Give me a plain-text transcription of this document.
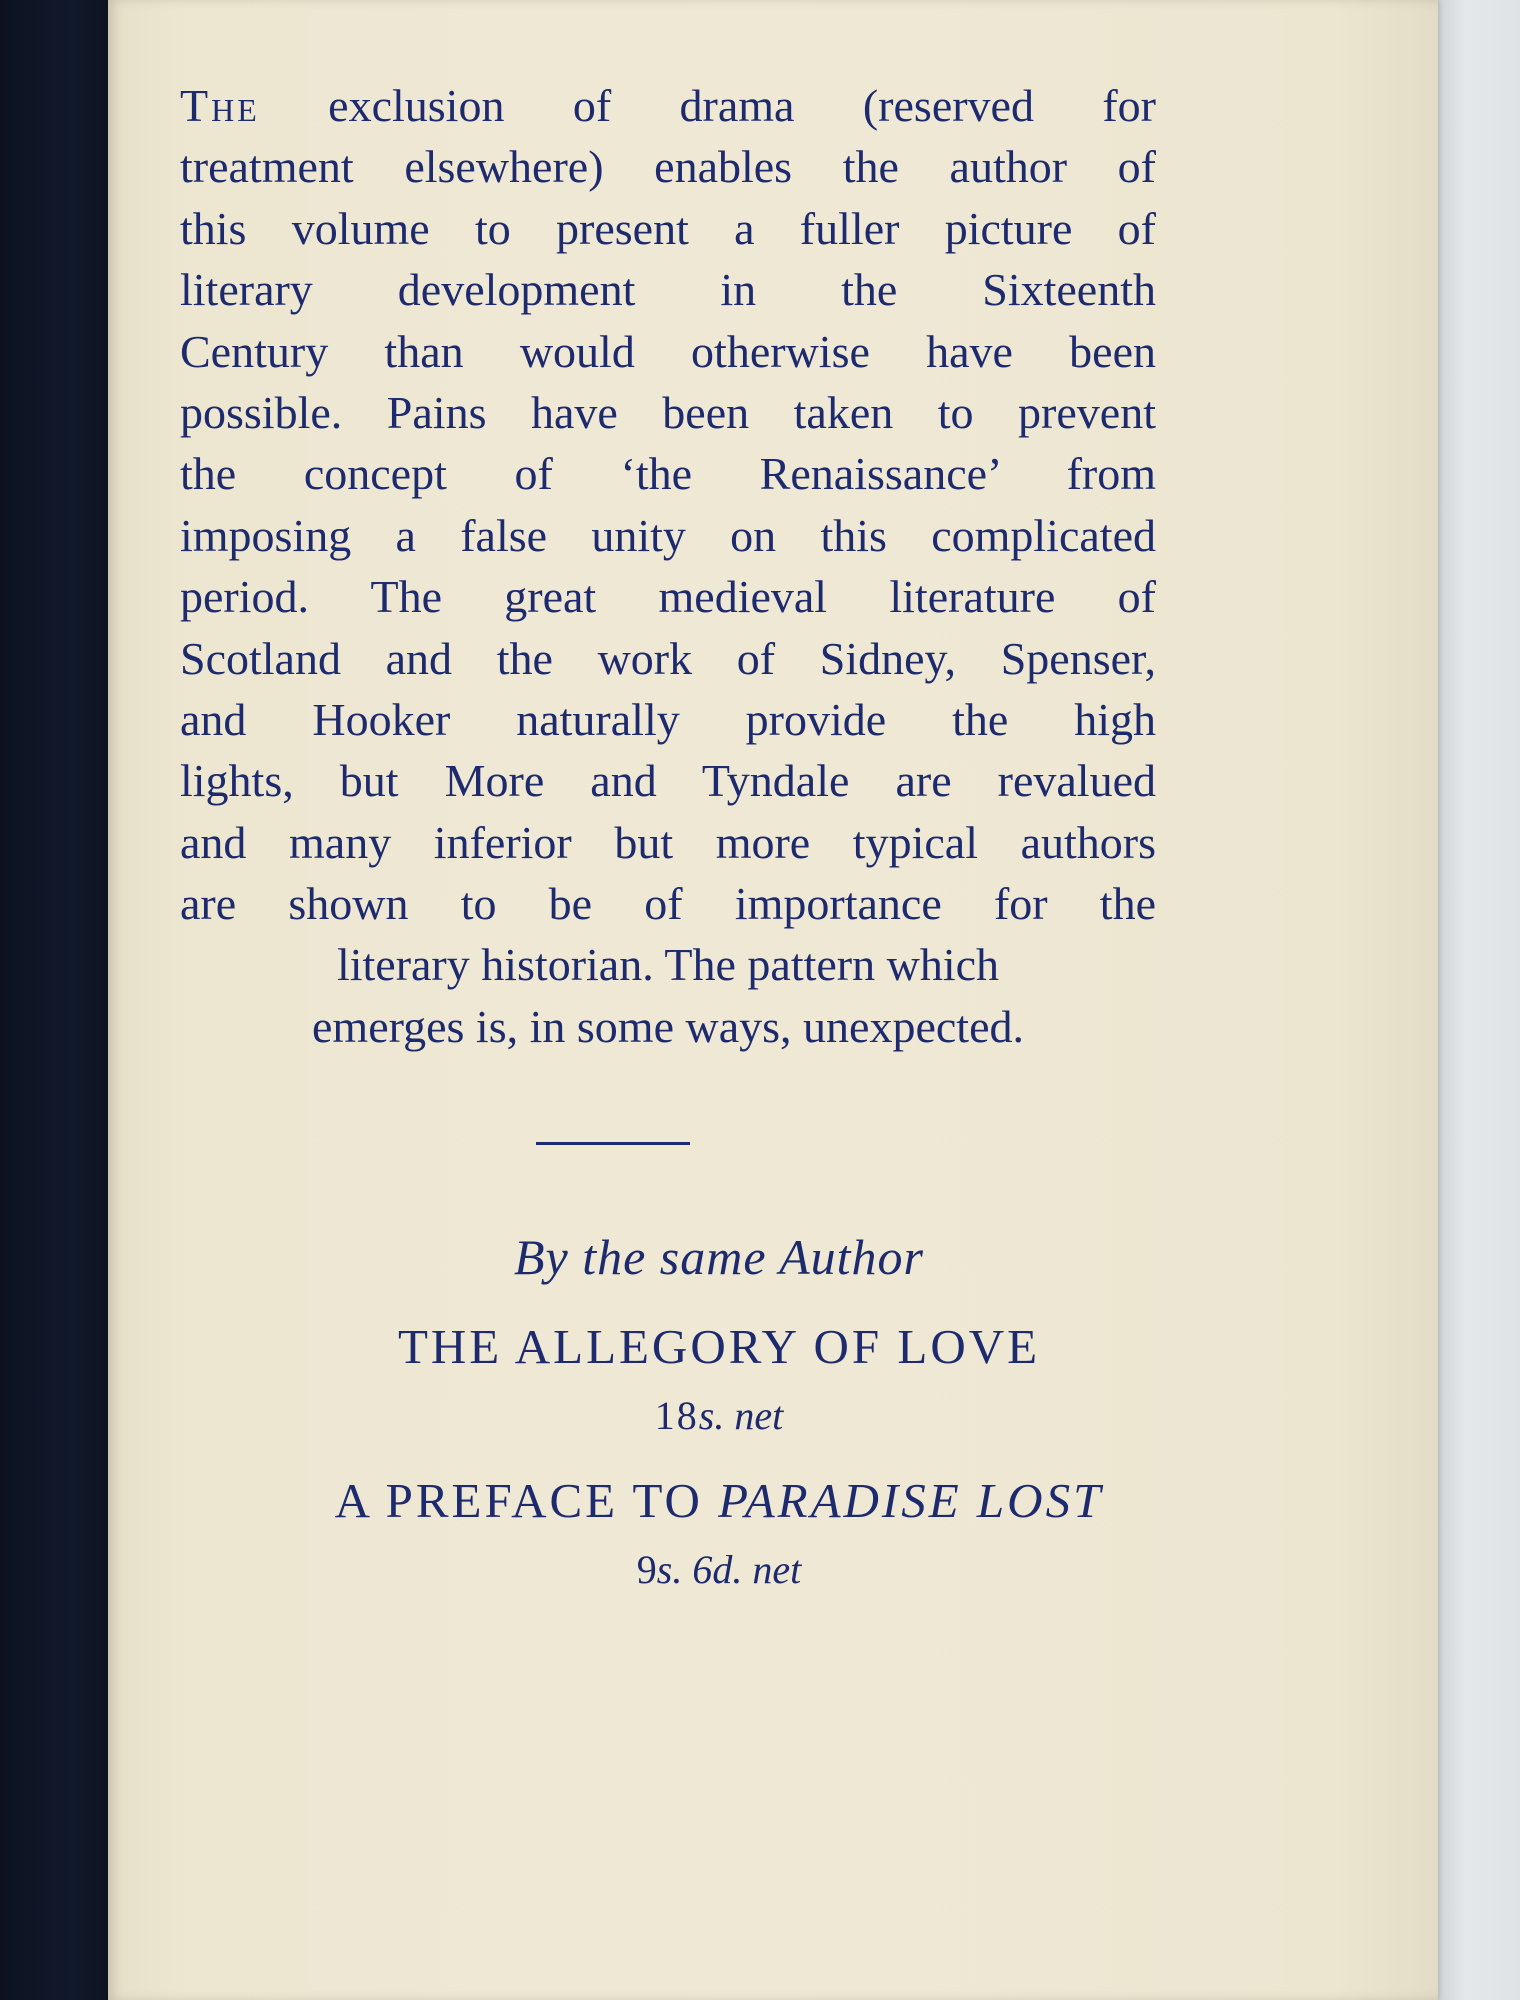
The exclusion of drama (reserved for
treatment elsewhere) enables the author of
this volume to present a fuller picture of
literary development in the Sixteenth
Century than would otherwise have been
possible. Pains have been taken to prevent
the concept of ‘the Renaissance’ from
imposing a false unity on this complicated
period. The great medieval literature of
Scotland and the work of Sidney, Spenser,
and Hooker naturally provide the high
lights, but More and Tyndale are revalued
and many inferior but more typical authors
are shown to be of importance for the
literary historian. The pattern which
emerges is, in some ways, unexpected.

By the same Author

THE ALLEGORY OF LOVE

18s. net

A PREFACE TO PARADISE LOST

9s. 6d. net
